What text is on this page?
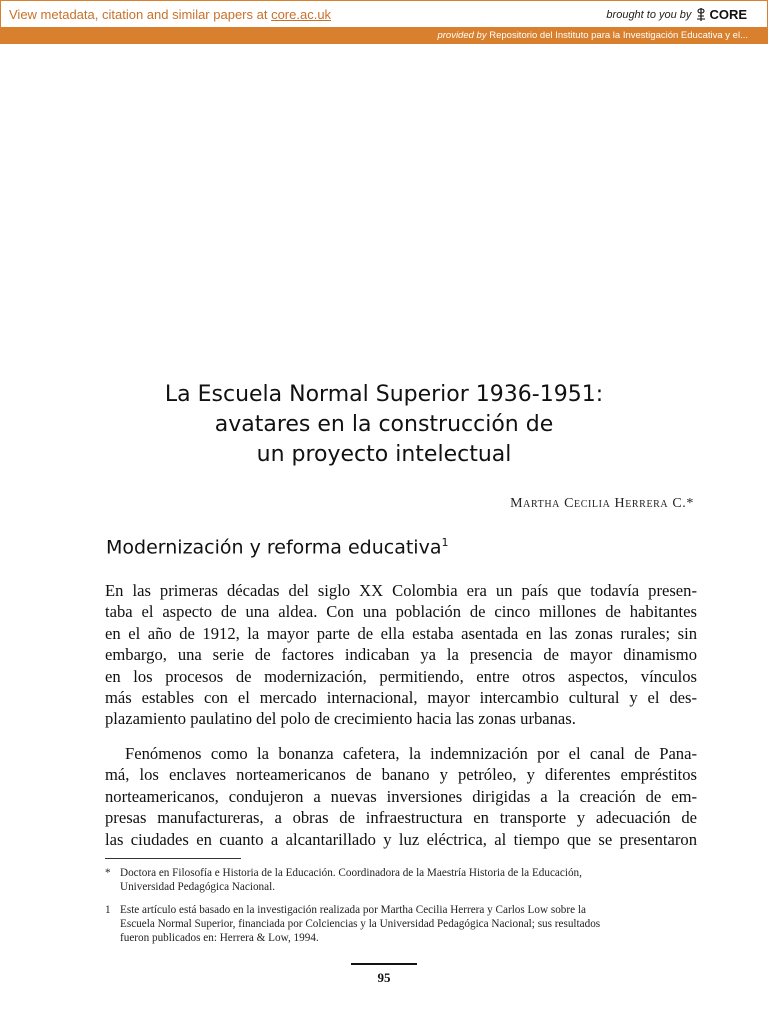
View metadata, citation and similar papers at core.ac.uk	brought to you by CORE
provided by Repositorio del Instituto para la Investigación Educativa y el...
La Escuela Normal Superior 1936-1951:
avatares en la construcción de
un proyecto intelectual
Martha Cecilia Herrera C.*
Modernización y reforma educativa$^1$
En las primeras décadas del siglo XX Colombia era un país que todavía presen-
taba el aspecto de una aldea. Con una población de cinco millones de habitantes
en el año de 1912, la mayor parte de ella estaba asentada en las zonas rurales; sin
embargo, una serie de factores indicaban ya la presencia de mayor dinamismo
en los procesos de modernización, permitiendo, entre otros aspectos, vínculos
más estables con el mercado internacional, mayor intercambio cultural y el des-
plazamiento paulatino del polo de crecimiento hacia las zonas urbanas.
Fenómenos como la bonanza cafetera, la indemnización por el canal de Pana-
má, los enclaves norteamericanos de banano y petróleo, y diferentes empréstitos
norteamericanos, condujeron a nuevas inversiones dirigidas a la creación de em-
presas manufactureras, a obras de infraestructura en transporte y adecuación de
las ciudades en cuanto a alcantarillado y luz eléctrica, al tiempo que se presentaron
* Doctora en Filosofía e Historia de la Educación. Coordinadora de la Maestría Historia de la Educación,
Universidad Pedagógica Nacional.
1 Este artículo está basado en la investigación realizada por Martha Cecilia Herrera y Carlos Low sobre la
Escuela Normal Superior, financiada por Colciencias y la Universidad Pedagógica Nacional; sus resultados
fueron publicados en: Herrera & Low, 1994.
95
